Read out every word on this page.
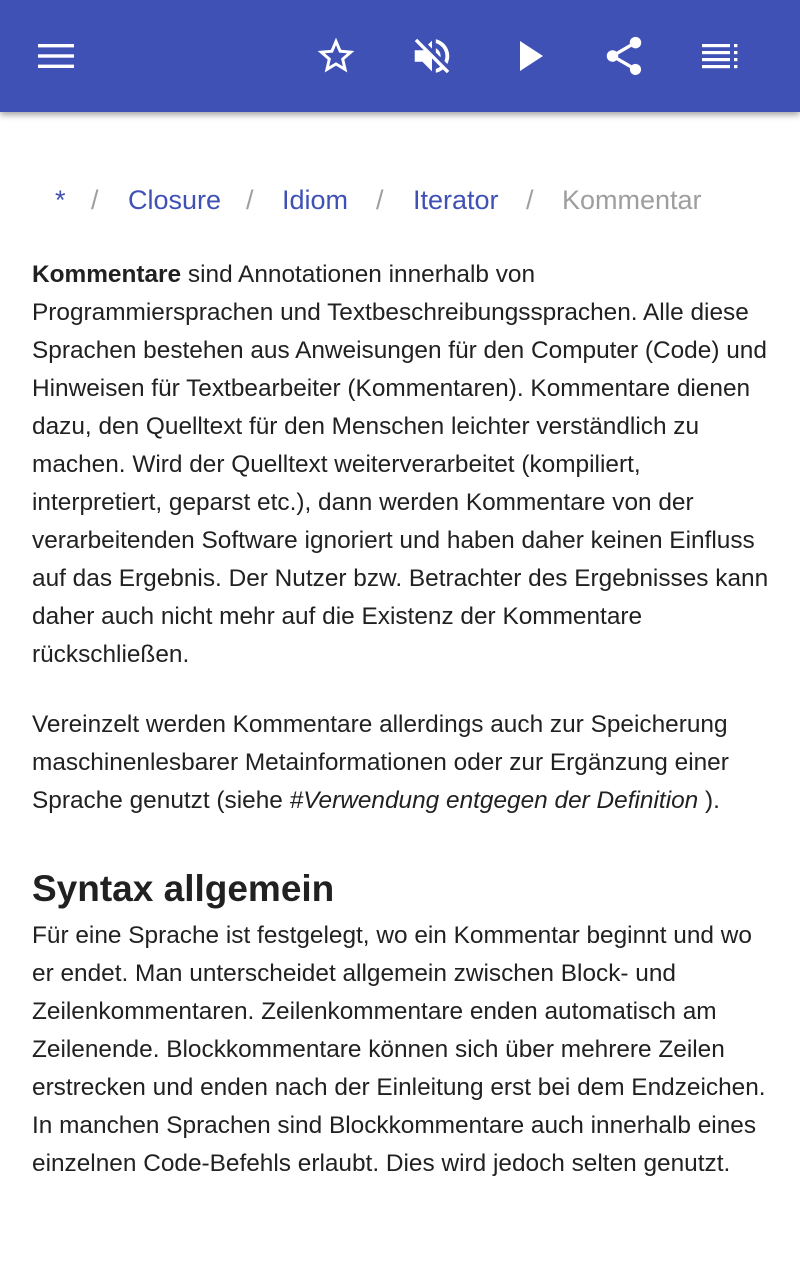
* / Closure / Idiom / Iterator / Kommentar

Kommentare sind Annotationen innerhalb von Programmiersprachen und Textbeschreibungssprachen. Alle diese Sprachen bestehen aus Anweisungen für den Computer (Code) und Hinweisen für Textbearbeiter (Kommentaren). Kommentare dienen dazu, den Quelltext für den Menschen leichter verständlich zu machen. Wird der Quelltext weiterverarbeitet (kompiliert, interpretiert, geparst etc.), dann werden Kommentare von der verarbeitenden Software ignoriert und haben daher keinen Einfluss auf das Ergebnis. Der Nutzer bzw. Betrachter des Ergebnisses kann daher auch nicht mehr auf die Existenz der Kommentare rückschließen.

Vereinzelt werden Kommentare allerdings auch zur Speicherung maschinenlesbarer Metainformationen oder zur Ergänzung einer Sprache genutzt (siehe #Verwendung entgegen der Definition ).

Syntax allgemein

Für eine Sprache ist festgelegt, wo ein Kommentar beginnt und wo er endet. Man unterscheidet allgemein zwischen Block- und Zeilenkommentaren. Zeilenkommentare enden automatisch am Zeilenende. Blockkommentare können sich über mehrere Zeilen erstrecken und enden nach der Einleitung erst bei dem Endzeichen. In manchen Sprachen sind Blockkommentare auch innerhalb eines einzelnen Code-Befehls erlaubt. Dies wird jedoch selten genutzt.
